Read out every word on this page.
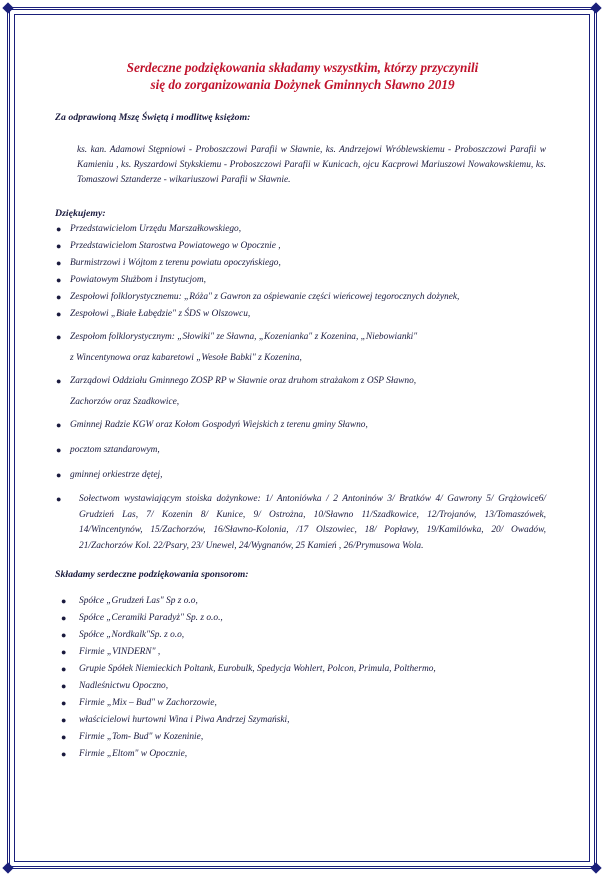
Serdeczne podziękowania składamy wszystkim, którzy przyczynili
się do zorganizowania Dożynek Gminnych Sławno 2019

Za odprawioną Mszę Świętą i modlitwę księżom:

ks. kan. Adamowi Stępniowi - Proboszczowi Parafii w Sławnie, ks. Andrzejowi Wróblewskiemu - Proboszczowi Parafii w Kamieniu , ks. Ryszardowi Stykskiemu - Proboszczowi Parafii w Kunicach, ojcu Kacprowi Mariuszowi Nowakowskiemu, ks. Tomaszowi Sztanderze - wikariuszowi Parafii w Sławnie.

Dziękujemy:

● Przedstawicielom Urzędu Marszałkowskiego,
● Przedstawicielom Starostwa Powiatowego w Opocznie ,
● Burmistrzowi i Wójtom z terenu powiatu opoczyńskiego,
● Powiatowym Służbom i Instytucjom,
● Zespołowi folklorystycznemu: „Róża" z Gawron za ośpiewanie części wieńcowej tegorocznych dożynek,
● Zespołowi „Białe Łabędzie" z ŚDS w Olszowcu,
● Zespołom folklorystycznym: „Słowiki" ze Sławna, „Kozenianka" z Kozenina, „Niebowianki"
z Wincentynowa oraz kabaretowi „Wesołe Babki" z Kozenina,
● Zarządowi Oddziału Gminnego ZOSP RP w Sławnie oraz druhom strażakom z OSP Sławno,
Zachorzów oraz Szadkowice,
● Gminnej Radzie KGW oraz Kołom Gospodyń Wiejskich z terenu gminy Sławno,
● pocztom sztandarowym,
● gminnej orkiestrze dętej,
● Sołectwom wystawiającym stoiska dożynkowe: 1/ Antoniówka / 2 Antoninów 3/ Bratków 4/ Gawrony 5/ Grążowice6/ Grudzień Las, 7/ Kozenin 8/ Kunice, 9/ Ostrożna, 10/Sławno 11/Szadkowice, 12/Trojanów, 13/Tomaszówek, 14/Wincentynów, 15/Zachorzów, 16/Sławno-Kolonia, /17 Olszowiec, 18/ Popławy, 19/Kamilówka, 20/ Owadów, 21/Zachorzów Kol. 22/Psary, 23/ Unewel, 24/Wygnanów, 25 Kamień , 26/Prymusowa Wola.

Składamy serdeczne podziękowania sponsorom:

● Spółce „Grudzeń Las" Sp z o.o,
● Spółce „Ceramiki Paradyż" Sp. z o.o.,
● Spółce „Nordkalk"Sp. z o.o,
● Firmie „VINDERN" ,
● Grupie Spółek Niemieckich Poltank, Eurobulk, Spedycja Wohlert, Polcon, Primula, Polthermo,
● Nadleśnictwu Opoczno,
● Firmie „Mix – Bud" w Zachorzowie,
● właścicielowi hurtowni Wina i Piwa Andrzej Szymański,
● Firmie „Tom- Bud" w Kozeninie,
● Firmie „Eltom" w Opocznie,
